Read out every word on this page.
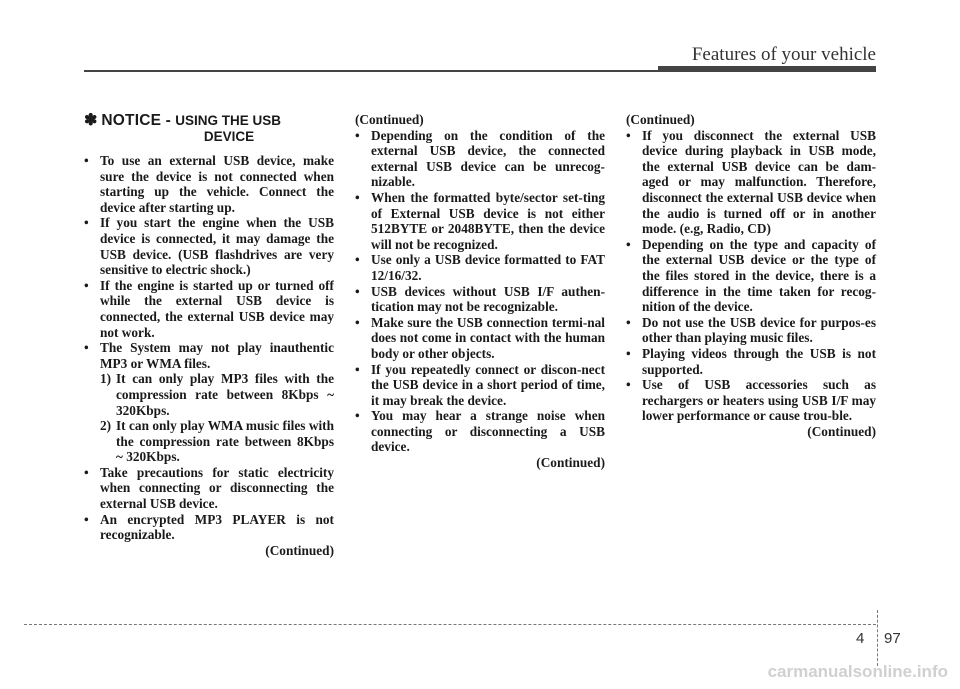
Features of your vehicle
✽ NOTICE - USING THE USB
DEVICE
• To use an external USB device, make sure the device is not connected when starting up the vehicle. Connect the device after starting up.
• If you start the engine when the USB device is connected, it may damage the USB device. (USB flashdrives are very sensitive to electric shock.)
• If the engine is started up or turned off while the external USB device is connected, the external USB device may not work.
• The System may not play inauthentic MP3 or WMA files.
1) It can only play MP3 files with the compression rate between 8Kbps ~ 320Kbps.
2) It can only play WMA music files with the compression rate between 8Kbps ~ 320Kbps.
• Take precautions for static electricity when connecting or disconnecting the external USB device.
• An encrypted MP3 PLAYER is not recognizable.
(Continued)
(Continued)
• Depending on the condition of the external USB device, the connected external USB device can be unrecog-nizable.
• When the formatted byte/sector set-ting of External USB device is not either 512BYTE or 2048BYTE, then the device will not be recognized.
• Use only a USB device formatted to FAT 12/16/32.
• USB devices without USB I/F authen-tication may not be recognizable.
• Make sure the USB connection termi-nal does not come in contact with the human body or other objects.
• If you repeatedly connect or discon-nect the USB device in a short period of time, it may break the device.
• You may hear a strange noise when connecting or disconnecting a USB device.
(Continued)
(Continued)
• If you disconnect the external USB device during playback in USB mode, the external USB device can be dam-aged or may malfunction. Therefore, disconnect the external USB device when the audio is turned off or in another mode. (e.g, Radio, CD)
• Depending on the type and capacity of the external USB device or the type of the files stored in the device, there is a difference in the time taken for recog-nition of the device.
• Do not use the USB device for purpos-es other than playing music files.
• Playing videos through the USB is not supported.
• Use of USB accessories such as rechargers or heaters using USB I/F may lower performance or cause trou-ble.
(Continued)
4 97
carmanualsonline.info
